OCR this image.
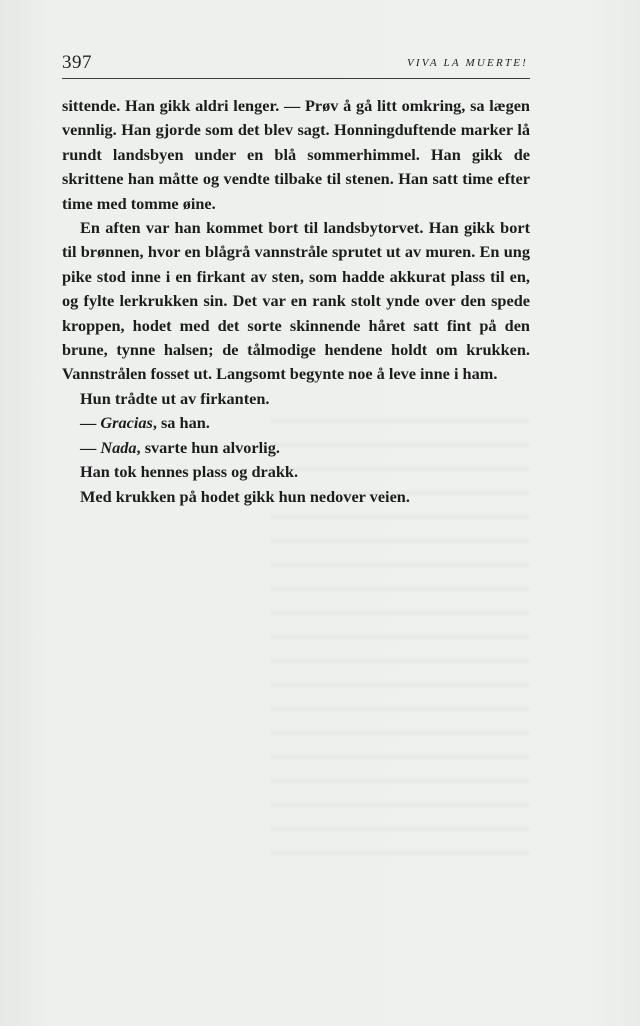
397	VIVA LA MUERTE!

sittende. Han gikk aldri lenger. — Prøv å gå litt omkring, sa lægen vennlig. Han gjorde som det blev sagt. Honningduftende marker lå rundt landsbyen under en blå sommerhimmel. Han gikk de skrittene han måtte og vendte tilbake til stenen. Han satt time efter time med tomme øine.

En aften var han kommet bort til landsbytorvet. Han gikk bort til brønnen, hvor en blågrå vannstråle sprutet ut av muren. En ung pike stod inne i en firkant av sten, som hadde akkurat plass til en, og fylte lerkrukken sin. Det var en rank stolt ynde over den spede kroppen, hodet med det sorte skinnende håret satt fint på den brune, tynne halsen; de tålmodige hendene holdt om krukken. Vannstrålen fosset ut. Langsomt begynte noe å leve inne i ham.

Hun trådte ut av firkanten.

— Gracias, sa han.

— Nada, svarte hun alvorlig.

Han tok hennes plass og drakk.

Med krukken på hodet gikk hun nedover veien.
